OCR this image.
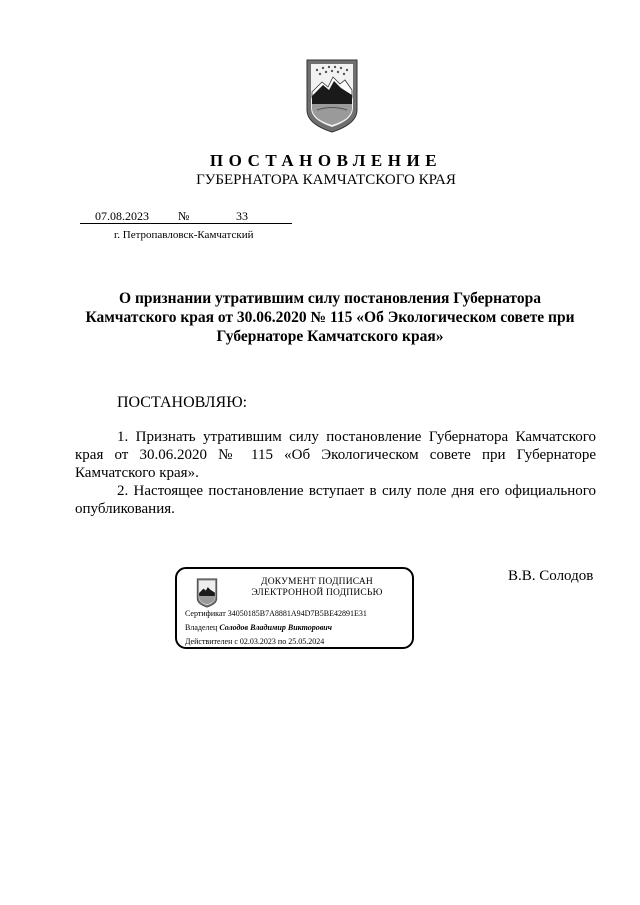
ПОСТАНОВЛЕНИЕ
ГУБЕРНАТОРА КАМЧАТСКОГО КРАЯ
07.08.2023 №	33
г. Петропавловск-Камчатский
О признании утратившим силу постановления Губернатора
Камчатского края от 30.06.2020 № 115 «Об Экологическом совете при
Губернаторе Камчатского края»
ПОСТАНОВЛЯЮ:

1. Признать утратившим силу постановление Губернатора Камчатского края от 30.06.2020 № 115 «Об Экологическом совете при Губернаторе Камчатского края».

2. Настоящее постановление вступает в силу поле дня его официального опубликования.

В.В. Солодов
ДОКУМЕНТ ПОДПИСАН
ЭЛЕКТРОННОЙ ПОДПИСЬЮ
Сертификат 34050185B7A8881A94D7B5BE42891E31
Владелец Солодов Владимир Викторович
Действителен с 02.03.2023 по 25.05.2024
